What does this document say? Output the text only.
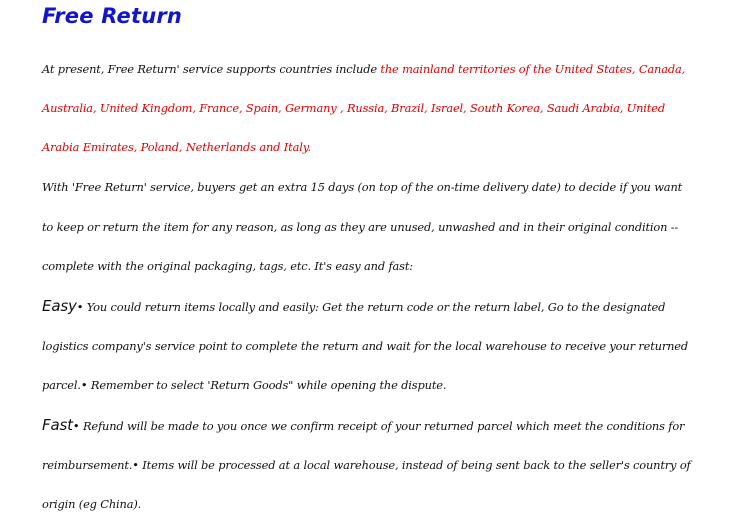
Free Return
At present, Free Return' service supports countries include the mainland territories of the United States, Canada,
Australia, United Kingdom, France, Spain, Germany , Russia, Brazil, Israel, South Korea, Saudi Arabia, United
Arabia Emirates, Poland, Netherlands and Italy.
With 'Free Return' service, buyers get an extra 15 days (on top of the on-time delivery date) to decide if you want
to keep or return the item for any reason, as long as they are unused, unwashed and in their original condition --
complete with the original packaging, tags, etc. It's easy and fast:
Easy• You could return items locally and easily: Get the return code or the return label, Go to the designated
logistics company's service point to complete the return and wait for the local warehouse to receive your returned
parcel.• Remember to select 'Return Goods" while opening the dispute.
Fast• Refund will be made to you once we confirm receipt of your returned parcel which meet the conditions for
reimbursement.• Items will be processed at a local warehouse, instead of being sent back to the seller's country of
origin (eg China).
